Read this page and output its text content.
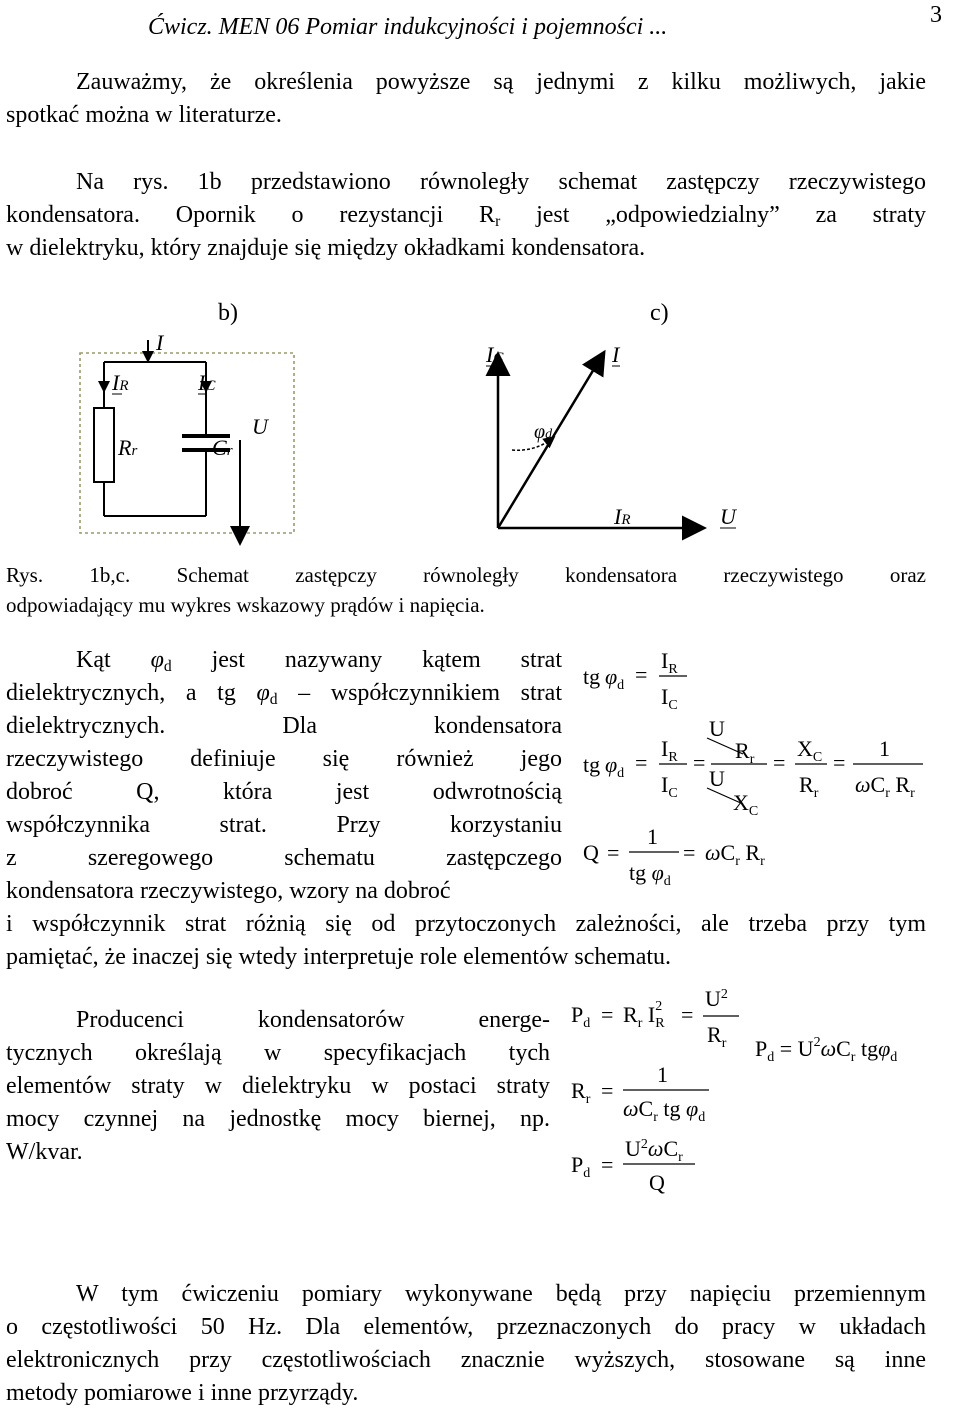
Ćwicz. MEN 06 Pomiar indukcyjności i pojemności ...	3
Zauważmy, że określenia powyższe są jednymi z kilku możliwych, jakie
spotkać można w literaturze.
Na rys. 1b przedstawiono równoległy schemat zastępczy rzeczywistego
kondensatora. Opornik o rezystancji $R_r$ jest „odpowiedzialny” za straty
w dielektryku, który znajduje się między okładkami kondensatora.
b)	c)
I
IR	IC
Rr	Cr
U
IC	I
φd
IR	U
Rys. 1b,c. Schemat zastępczy równoległy kondensatora rzeczywistego oraz
odpowiadający mu wykres wskazowy prądów i napięcia.
Kąt $\varphi_d$ jest nazywany kątem strat
dielektrycznych, a tg $\varphi_d$ – współczynnikiem strat
dielektrycznych. Dla kondensatora
rzeczywistego definiuje się również jego
dobroć Q, która jest odwrotnością
współczynnika strat. Przy korzystaniu
z szeregowego schematu zastępczego
kondensatora rzeczywistego, wzory na dobroć
i współczynnik strat różnią się od przytoczonych zależności, ale trzeba przy tym
pamiętać, że inaczej się wtedy interpretuje role elementów schematu.
tg $\varphi_d$ =
$I_R$
$I_C$
tg $\varphi_d$ =
$I_R$
$I_C$
=
U
$R_r$
U
$X_C$
=
$X_C$
$R_r$
=
1
$\omega C_r$ $R_r$
Q =
1
tg $\varphi_d$
= $\omega C_r$ $R_r$
Producenci kondensatorów energe-
tycznych określają w specyfikacjach tych
elementów straty w dielektryku w postaci straty
mocy czynnej na jednostkę mocy biernej, np.
W/kvar.
$P_d = R_r$ $I^2$ R =
$U^2$
$R_r$ $P_d = U^2\omega C_r$ tgφ$_d$
$R_r$ =
1
$\omega C_r$ tg $\varphi_d$
$P_d$ =
$U^2\omega C_r$
Q
W tym ćwiczeniu pomiary wykonywane będą przy napięciu przemiennym
o częstotliwości 50 Hz. Dla elementów, przeznaczonych do pracy w układach
elektronicznych przy częstotliwościach znacznie wyższych, stosowane są inne
metody pomiarowe i inne przyrządy.
